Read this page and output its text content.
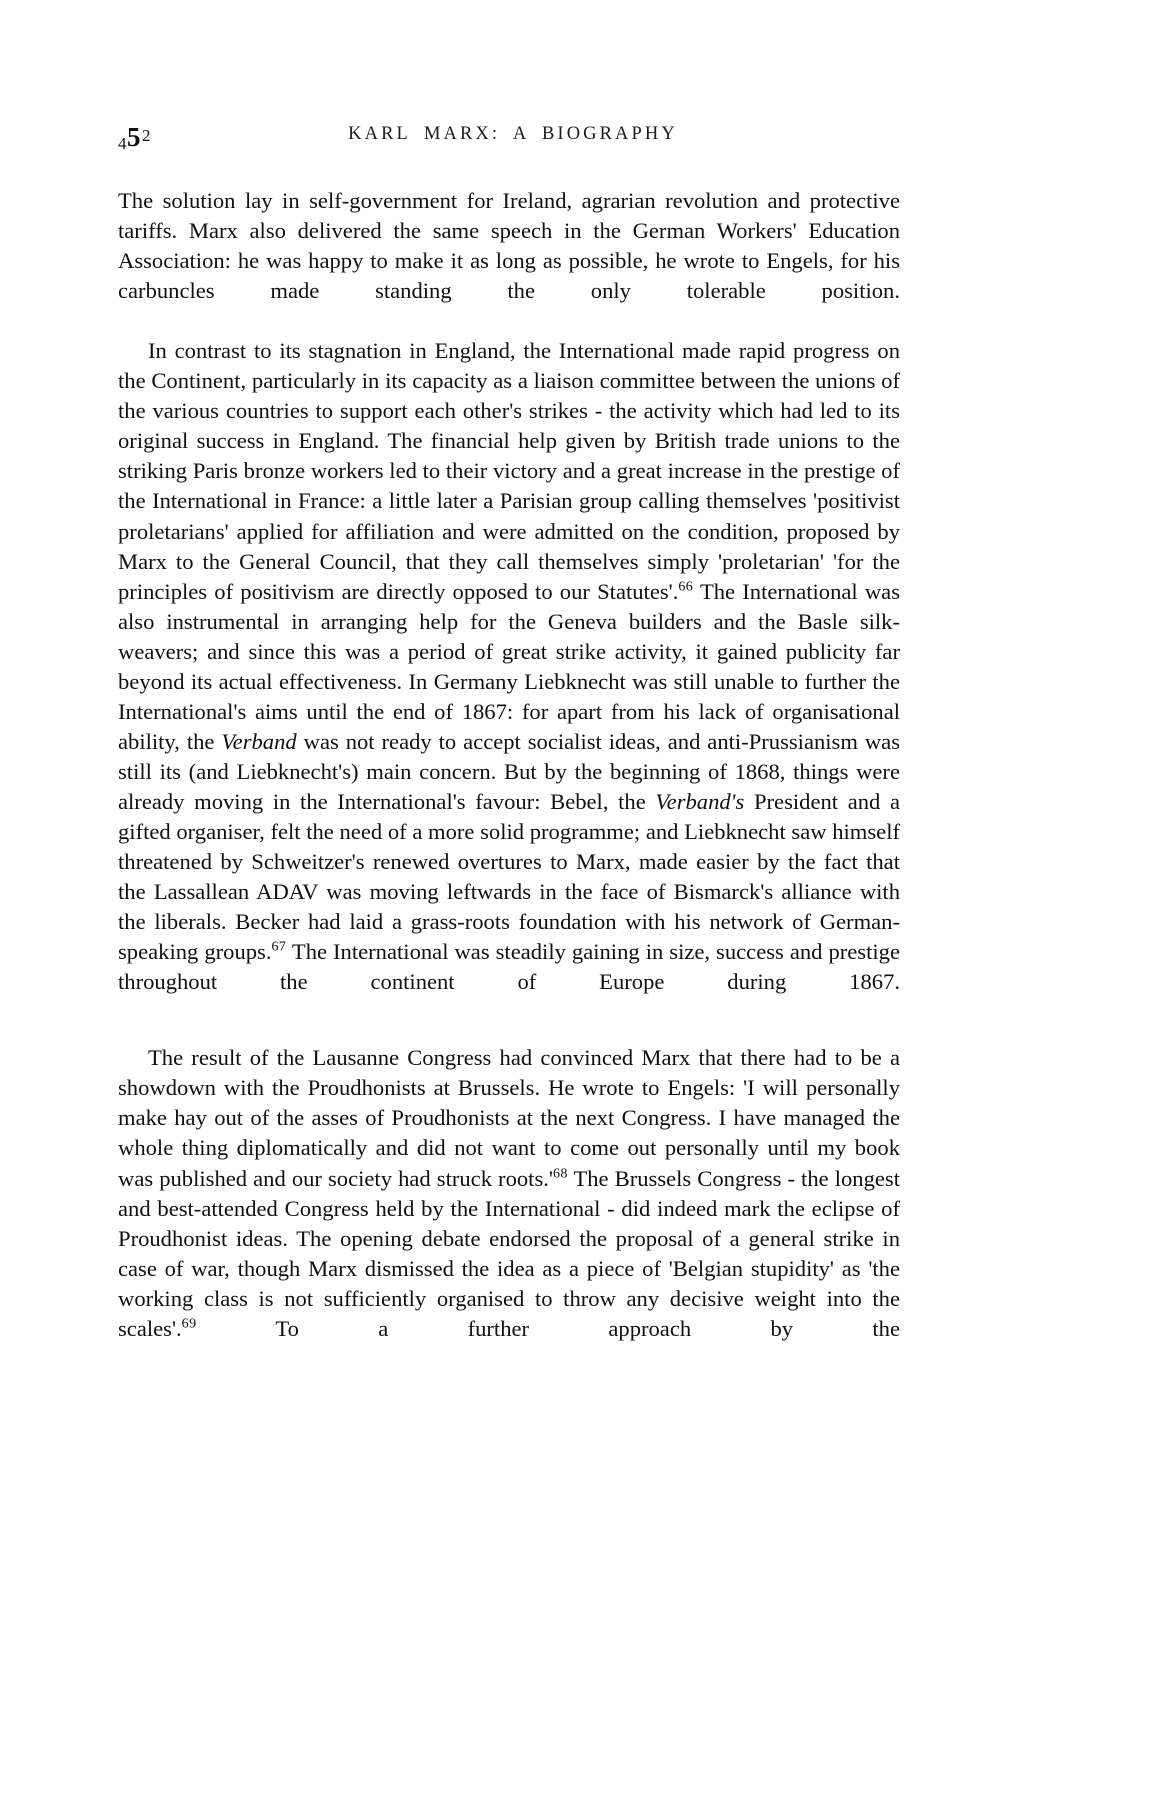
$45^2$	KARL MARX: A BIOGRAPHY

The solution lay in self-government for Ireland, agrarian revolution and protective tariffs. Marx also delivered the same speech in the German Workers' Education Association: he was happy to make it as long as possible, he wrote to Engels, for his carbuncles made standing the only tolerable position.

In contrast to its stagnation in England, the International made rapid progress on the Continent, particularly in its capacity as a liaison committee between the unions of the various countries to support each other's strikes - the activity which had led to its original success in England. The financial help given by British trade unions to the striking Paris bronze workers led to their victory and a great increase in the prestige of the International in France: a little later a Parisian group calling themselves 'positivist proletarians' applied for affiliation and were admitted on the condition, proposed by Marx to the General Council, that they call themselves simply 'proletarian' 'for the principles of positivism are directly opposed to our Statutes'.$^{66}$ The International was also instrumental in arranging help for the Geneva builders and the Basle silk-weavers; and since this was a period of great strike activity, it gained publicity far beyond its actual effectiveness. In Germany Liebknecht was still unable to further the International's aims until the end of 1867: for apart from his lack of organisational ability, the Verband was not ready to accept socialist ideas, and anti-Prussianism was still its (and Liebknecht's) main concern. But by the beginning of 1868, things were already moving in the International's favour: Bebel, the Verband's President and a gifted organiser, felt the need of a more solid programme; and Liebknecht saw himself threatened by Schweitzer's renewed overtures to Marx, made easier by the fact that the Lassallean ADAV was moving leftwards in the face of Bismarck's alliance with the liberals. Becker had laid a grass-roots foundation with his network of German-speaking groups.$^{67}$ The International was steadily gaining in size, success and prestige throughout the continent of Europe during 1867.

The result of the Lausanne Congress had convinced Marx that there had to be a showdown with the Proudhonists at Brussels. He wrote to Engels: 'I will personally make hay out of the asses of Proudhonists at the next Congress. I have managed the whole thing diplomatically and did not want to come out personally until my book was published and our society had struck roots.'$^{68}$ The Brussels Congress - the longest and best-attended Congress held by the International - did indeed mark the eclipse of Proudhonist ideas. The opening debate endorsed the proposal of a general strike in case of war, though Marx dismissed the idea as a piece of 'Belgian stupidity' as 'the working class is not sufficiently organised to throw any decisive weight into the scales'.$^{69}$ To a further approach by the
